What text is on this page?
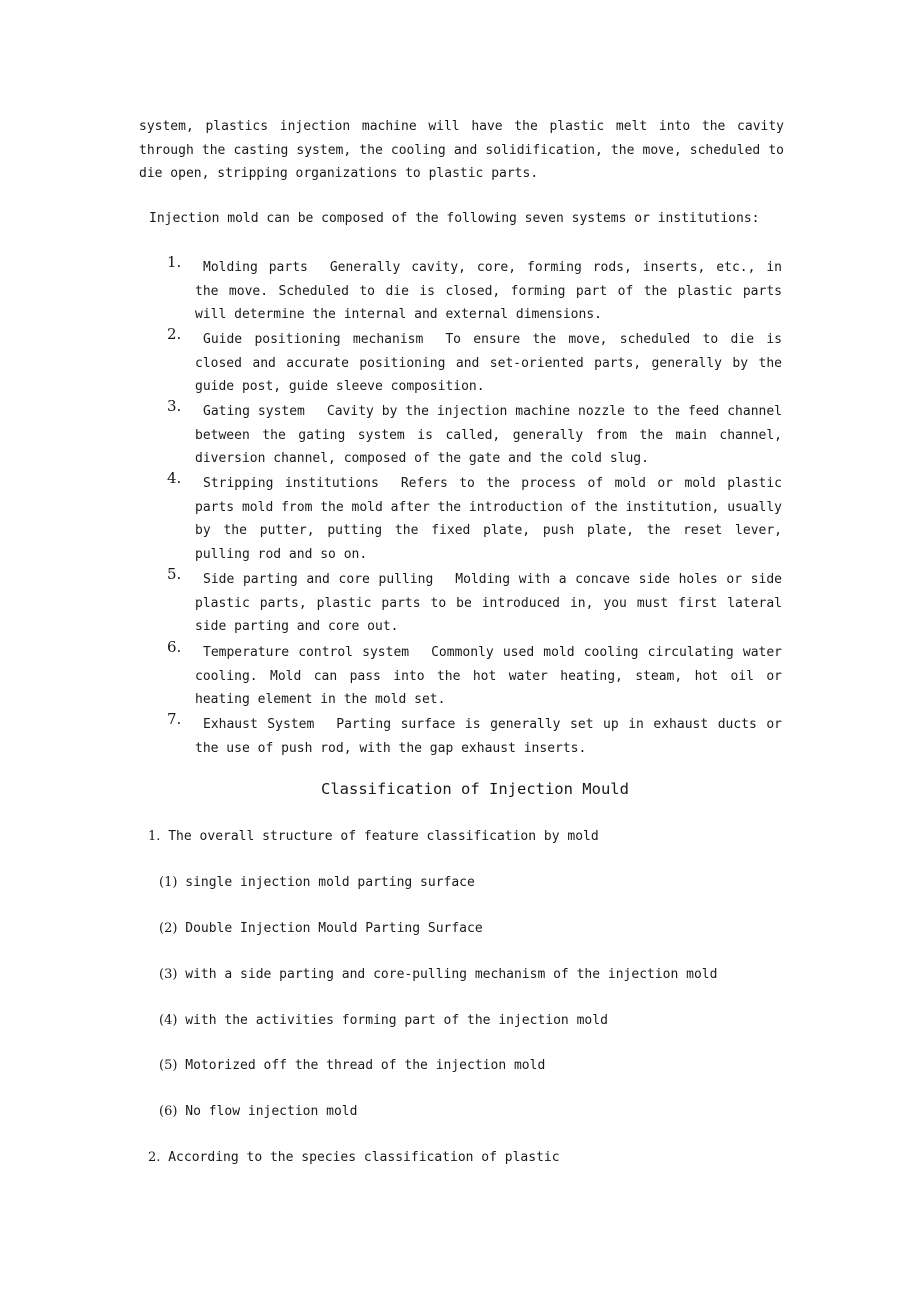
system, plastics injection machine will have the plastic melt into the cavity through the casting system, the cooling and solidification, the move, scheduled to die open, stripping organizations to plastic parts.

Injection mold can be composed of the following seven systems or institutions:

1.	Molding parts Generally cavity, core, forming rods, inserts, etc., in the move. Scheduled to die is closed, forming part of the plastic parts will determine the internal and external dimensions.

2.	Guide positioning mechanism To ensure the move, scheduled to die is closed and accurate positioning and set-oriented parts, generally by the guide post, guide sleeve composition.

3.	Gating system Cavity by the injection machine nozzle to the feed channel between the gating system is called, generally from the main channel, diversion channel, composed of the gate and the cold slug.

4.	Stripping institutions Refers to the process of mold or mold plastic parts mold from the mold after the introduction of the institution, usually by the putter, putting the fixed plate, push plate, the reset lever, pulling rod and so on.

5.	Side parting and core pulling Molding with a concave side holes or side plastic parts, plastic parts to be introduced in, you must first lateral side parting and core out.

6.	Temperature control system Commonly used mold cooling circulating water cooling. Mold can pass into the hot water heating, steam, hot oil or heating element in the mold set.

7.	Exhaust System Parting surface is generally set up in exhaust ducts or the use of push rod, with the gap exhaust inserts.

Classification of Injection Mould

1. The overall structure of feature classification by mold

(1) single injection mold parting surface

(2) Double Injection Mould Parting Surface

(3) with a side parting and core-pulling mechanism of the injection mold

(4) with the activities forming part of the injection mold

(5) Motorized off the thread of the injection mold

(6) No flow injection mold

2. According to the species classification of plastic
